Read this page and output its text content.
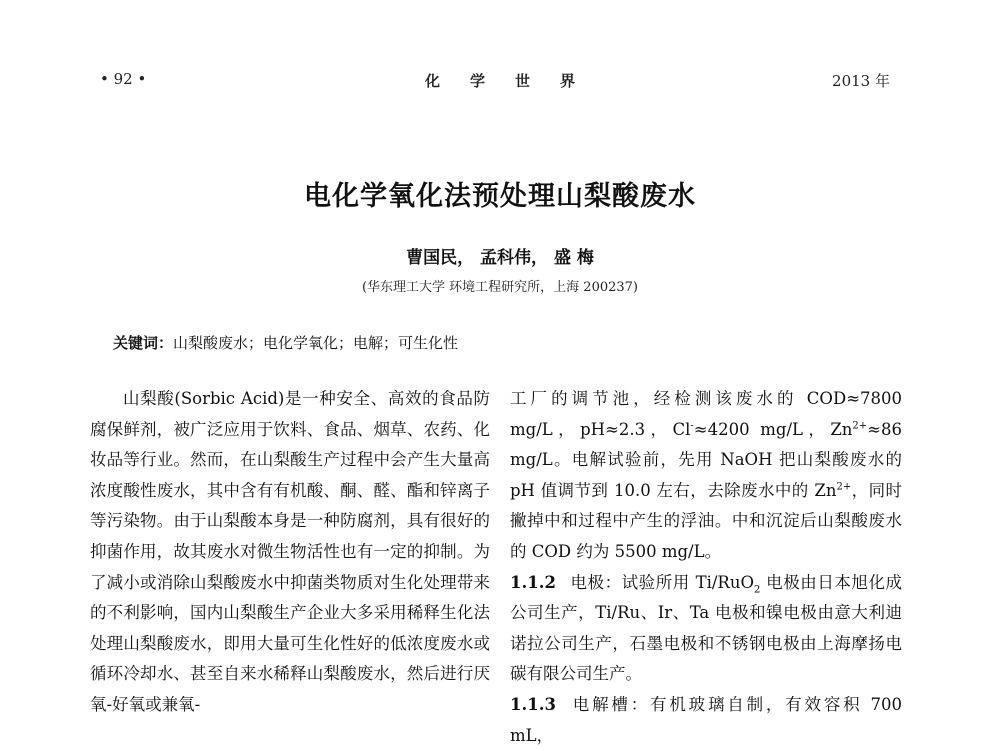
• 92 •	化学世界	2013 年
电化学氧化法预处理山梨酸废水
曹国民， 孟科伟， 盛 梅
(华东理工大学 环境工程研究所，上海 200237)
关键词：山梨酸废水；电化学氧化；电解；可生化性

山梨酸(Sorbic Acid)是一种安全、高效的食品防腐保鲜剂，被广泛应用于饮料、食品、烟草、农药、化妆品等行业。然而，在山梨酸生产过程中会产生大量高浓度酸性废水，其中含有有机酸、酮、醛、酯和锌离子等污染物。由于山梨酸本身是一种防腐剂，具有很好的抑菌作用，故其废水对微生物活性也有一定的抑制。为了减小或消除山梨酸废水中抑菌类物质对生化处理带来的不利影响，国内山梨酸生产企业大多采用稀释生化法处理山梨酸废水，即用大量可生化性好的低浓度废水或循环冷却水、甚至自来水稀释山梨酸废水，然后进行厌氧-好氧或兼氧-

工厂的调节池，经检测该废水的 COD≈7800 mg/L，pH≈2.3，Cl-≈4200 mg/L，$Zn^{2+}\approx 86$ mg/L。电解试验前，先用 NaOH 把山梨酸废水的 pH 值调节到 10.0 左右，去除废水中的 $Zn^{2+}$，同时撇掉中和过程中产生的浮油。中和沉淀后山梨酸废水的 COD 约为 5500 mg/L。

1.1.2 电极：试验所用 Ti/RuO$_2$ 电极由日本旭化成公司生产，Ti/Ru、Ir、Ta 电极和镍电极由意大利迪诺拉公司生产，石墨电极和不锈钢电极由上海摩扬电碳有限公司生产。

1.1.3 电解槽：有机玻璃自制，有效容积 700 mL，
